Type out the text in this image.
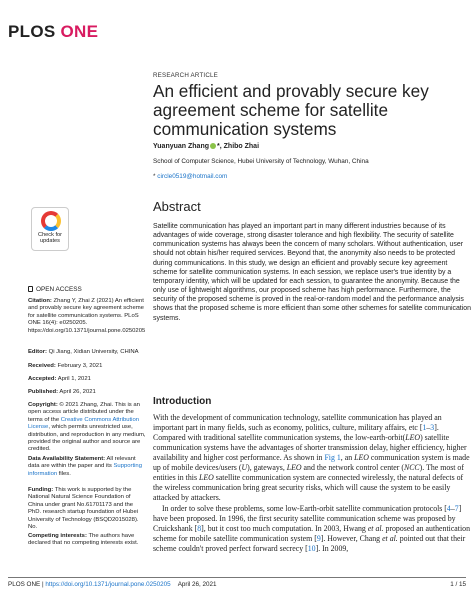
PLOS ONE
RESEARCH ARTICLE
An efficient and provably secure key agreement scheme for satellite communication systems
Yuanyuan Zhang *, Zhibo Zhai
School of Computer Science, Hubei University of Technology, Wuhan, China
* circle0519@hotmail.com
Abstract
Satellite communication has played an important part in many different industries because of its advantages of wide coverage, strong disaster tolerance and high flexibility. The security of satellite communication systems has always been the concern of many scholars. Without authentication, user should not obtain his/her required services. Beyond that, the anonymity also needs to be protected during communications. In this study, we design an efficient and provably secure key agreement scheme for satellite communication systems. In each session, we replace user's true identity by a temporary identity, which will be updated for each session, to guarantee the anonymity. Because the only use of lightweight algorithms, our proposed scheme has high performance. Furthermore, the security of the proposed scheme is proved in the real-or-random model and the performance analysis shows that the proposed scheme is more efficient than some other schemes for satellite communication systems.
Check for
updates
OPEN ACCESS
Citation: Zhang Y, Zhai Z (2021) An efficient and provably secure key agreement scheme for satellite communication systems. PLoS ONE 16(4): e0250205. https://doi.org/10.1371/journal.pone.0250205
Editor: Qi Jiang, Xidian University, CHINA
Received: February 3, 2021
Accepted: April 1, 2021
Published: April 26, 2021
Copyright: © 2021 Zhang, Zhai. This is an open access article distributed under the terms of the Creative Commons Attribution License, which permits unrestricted use, distribution, and reproduction in any medium, provided the original author and source are credited.
Data Availability Statement: All relevant data are within the paper and its Supporting information files.
Funding: This work is supported by the National Natural Science Foundation of China under grant No.61701173 and the PhD. research startup foundation of Hubei University of Technology (BSQD2015028). No.
Competing interests: The authors have declared that no competing interests exist.
Introduction
With the development of communication technology, satellite communication has played an important part in many fields, such as economy, politics, culture, military affairs, etc [1–3]. Compared with traditional satellite communication systems, the low-earth-orbit(LEO) satellite communication systems have the advantages of shorter transmission delay, higher efficiency, higher availability and higher cost performance. As shown in Fig 1, an LEO communication system is made up of mobile devices/users (U), gateways, LEO and the network control center (NCC). The most of entities in this LEO satellite communication system are connected wirelessly, the natural defects of the wireless communication bring great security risks, which will cause the system to be easily attacked by attackers.
In order to solve these problems, some low-Earth-orbit satellite communication protocols [4–7] have been proposed. In 1996, the first security satellite communication scheme was proposed by Cruickshank [8], but it cost too much computation. In 2003, Hwang et al. proposed an authentication scheme for mobile satellite communication system [9]. However, Chang et al. pointed out that their scheme couldn't proved perfect forward secrecy [10]. In 2009,
PLOS ONE | https://doi.org/10.1371/journal.pone.0250205 April 26, 2021	1 / 15
